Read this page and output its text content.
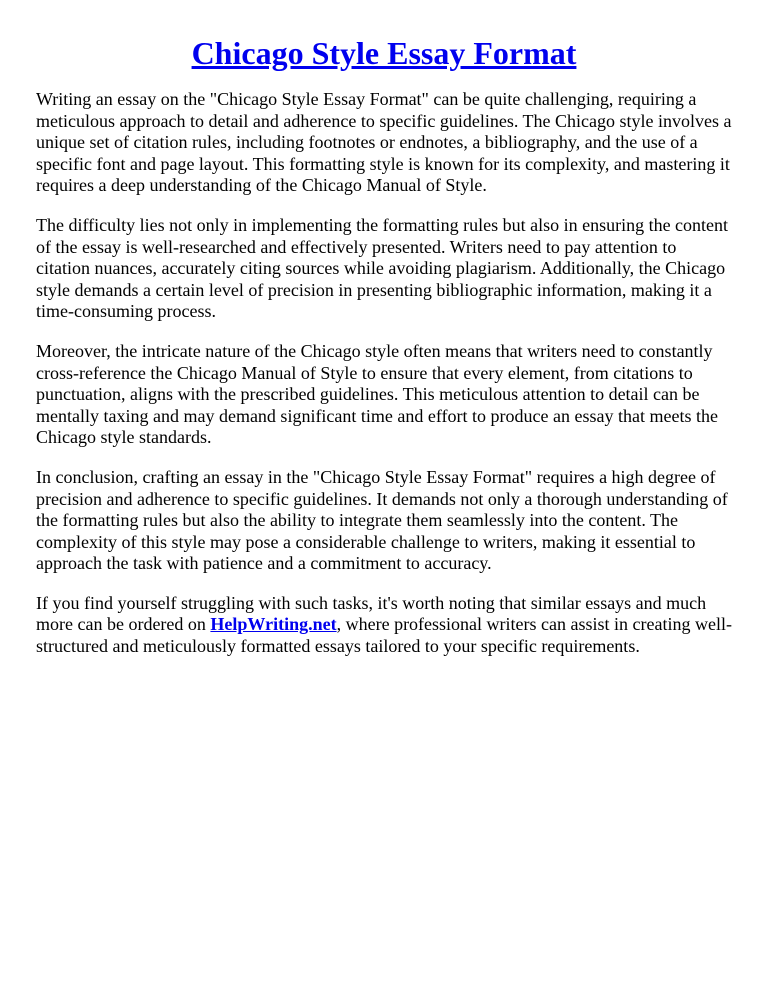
Chicago Style Essay Format

Writing an essay on the "Chicago Style Essay Format" can be quite challenging, requiring a meticulous approach to detail and adherence to specific guidelines. The Chicago style involves a unique set of citation rules, including footnotes or endnotes, a bibliography, and the use of a specific font and page layout. This formatting style is known for its complexity, and mastering it requires a deep understanding of the Chicago Manual of Style.

The difficulty lies not only in implementing the formatting rules but also in ensuring the content of the essay is well-researched and effectively presented. Writers need to pay attention to citation nuances, accurately citing sources while avoiding plagiarism. Additionally, the Chicago style demands a certain level of precision in presenting bibliographic information, making it a time-consuming process.

Moreover, the intricate nature of the Chicago style often means that writers need to constantly cross-reference the Chicago Manual of Style to ensure that every element, from citations to punctuation, aligns with the prescribed guidelines. This meticulous attention to detail can be mentally taxing and may demand significant time and effort to produce an essay that meets the Chicago style standards.

In conclusion, crafting an essay in the "Chicago Style Essay Format" requires a high degree of precision and adherence to specific guidelines. It demands not only a thorough understanding of the formatting rules but also the ability to integrate them seamlessly into the content. The complexity of this style may pose a considerable challenge to writers, making it essential to approach the task with patience and a commitment to accuracy.

If you find yourself struggling with such tasks, it's worth noting that similar essays and much more can be ordered on HelpWriting.net, where professional writers can assist in creating well-structured and meticulously formatted essays tailored to your specific requirements.
